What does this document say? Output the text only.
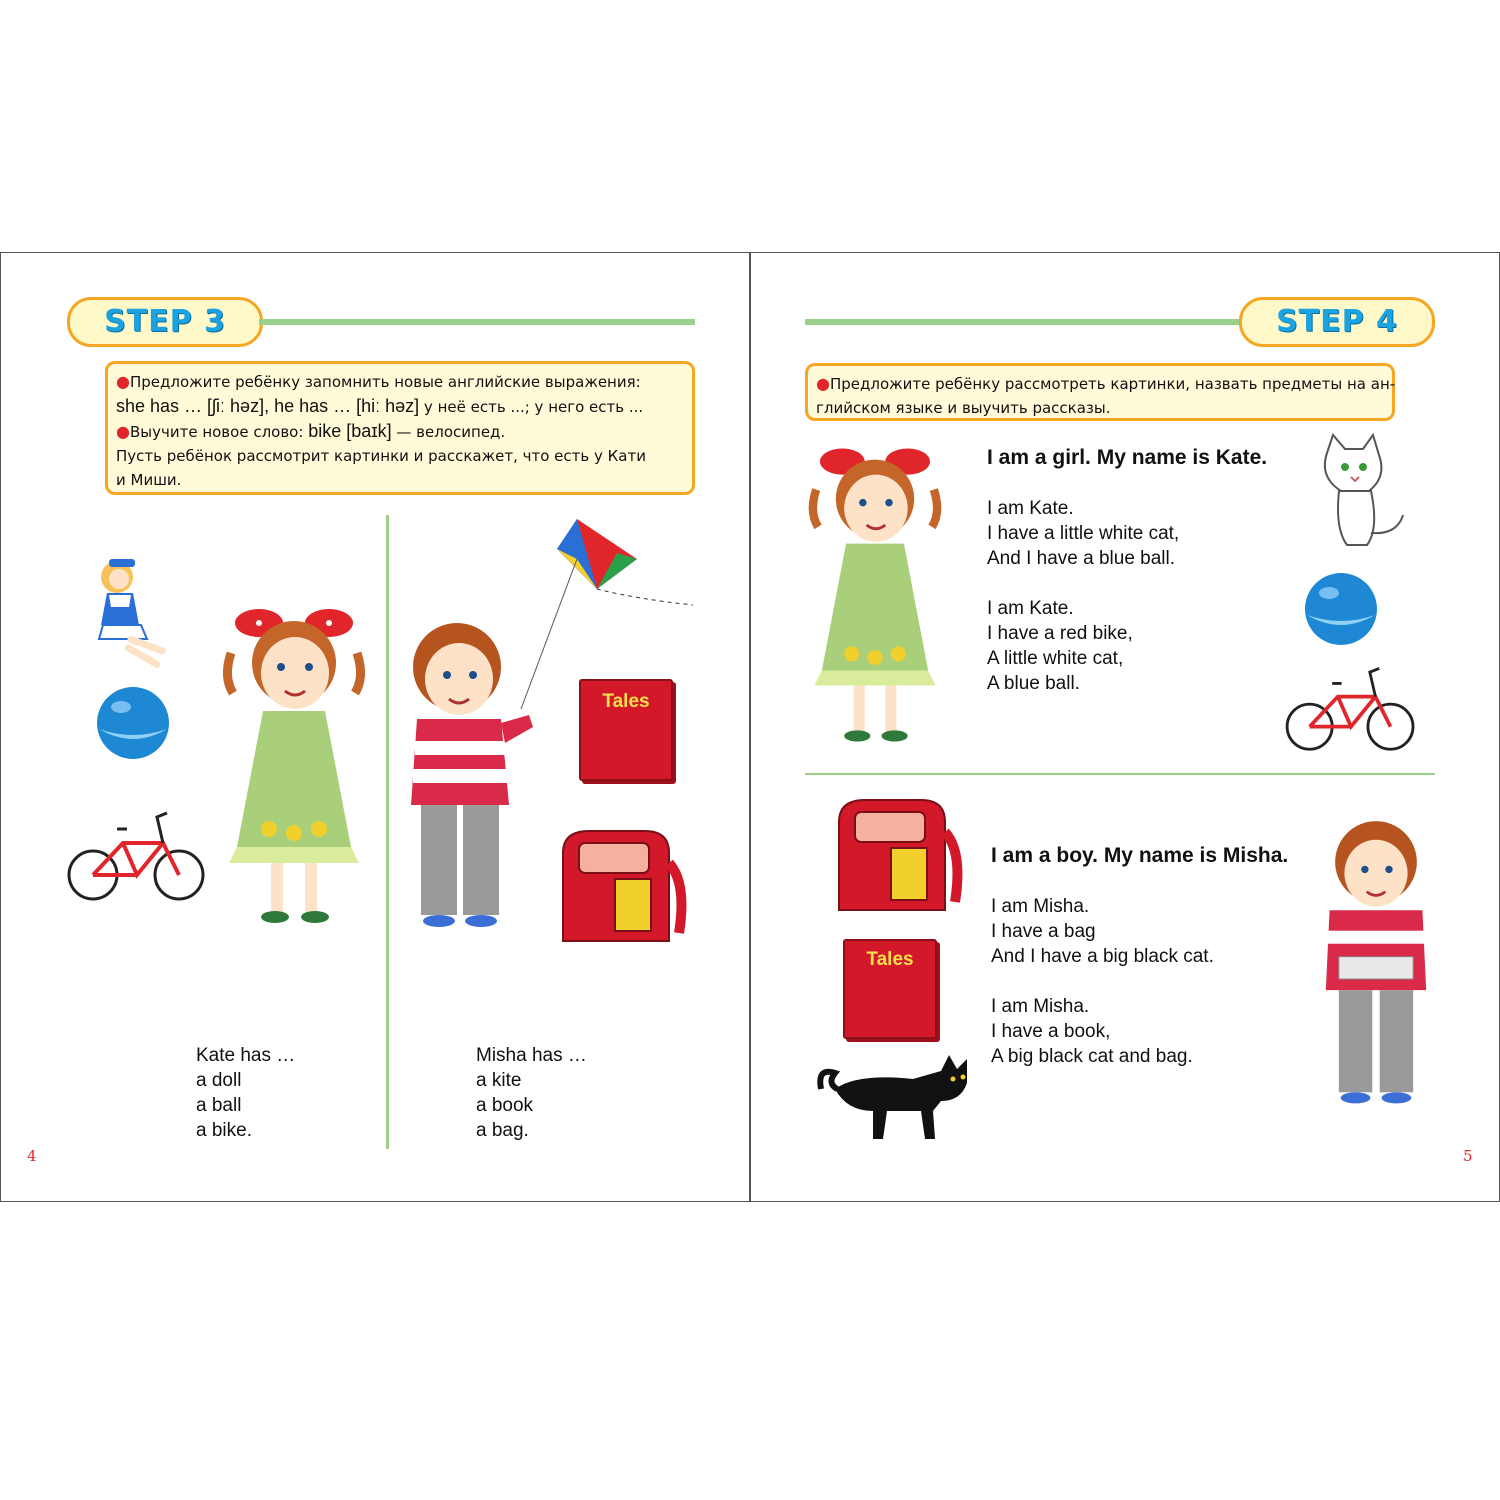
STEP 3
●Предложите ребёнку запомнить новые английские выражения:
she has … [ʃiː həz], he has … [hiː həz] у неё есть ...; у него есть ...
●Выучите новое слово: bike [baɪk] — велосипед.
Пусть ребёнок рассмотрит картинки и расскажет, что есть у Кати
и Миши.
Tales
Kate has …
a doll
a ball
a bike.
Misha has …
a kite
a book
a bag.
4
STEP 4
●Предложите ребёнку рассмотреть картинки, назвать предметы на ан-
глийском языке и выучить рассказы.
I am a girl. My name is Kate.
I am Kate.
I have a little white cat,
And I have a blue ball.
I am Kate.
I have a red bike,
A little white cat,
A blue ball.
Tales
I am a boy. My name is Misha.
I am Misha.
I have a bag
And I have a big black cat.
I am Misha.
I have a book,
A big black cat and bag.
5
